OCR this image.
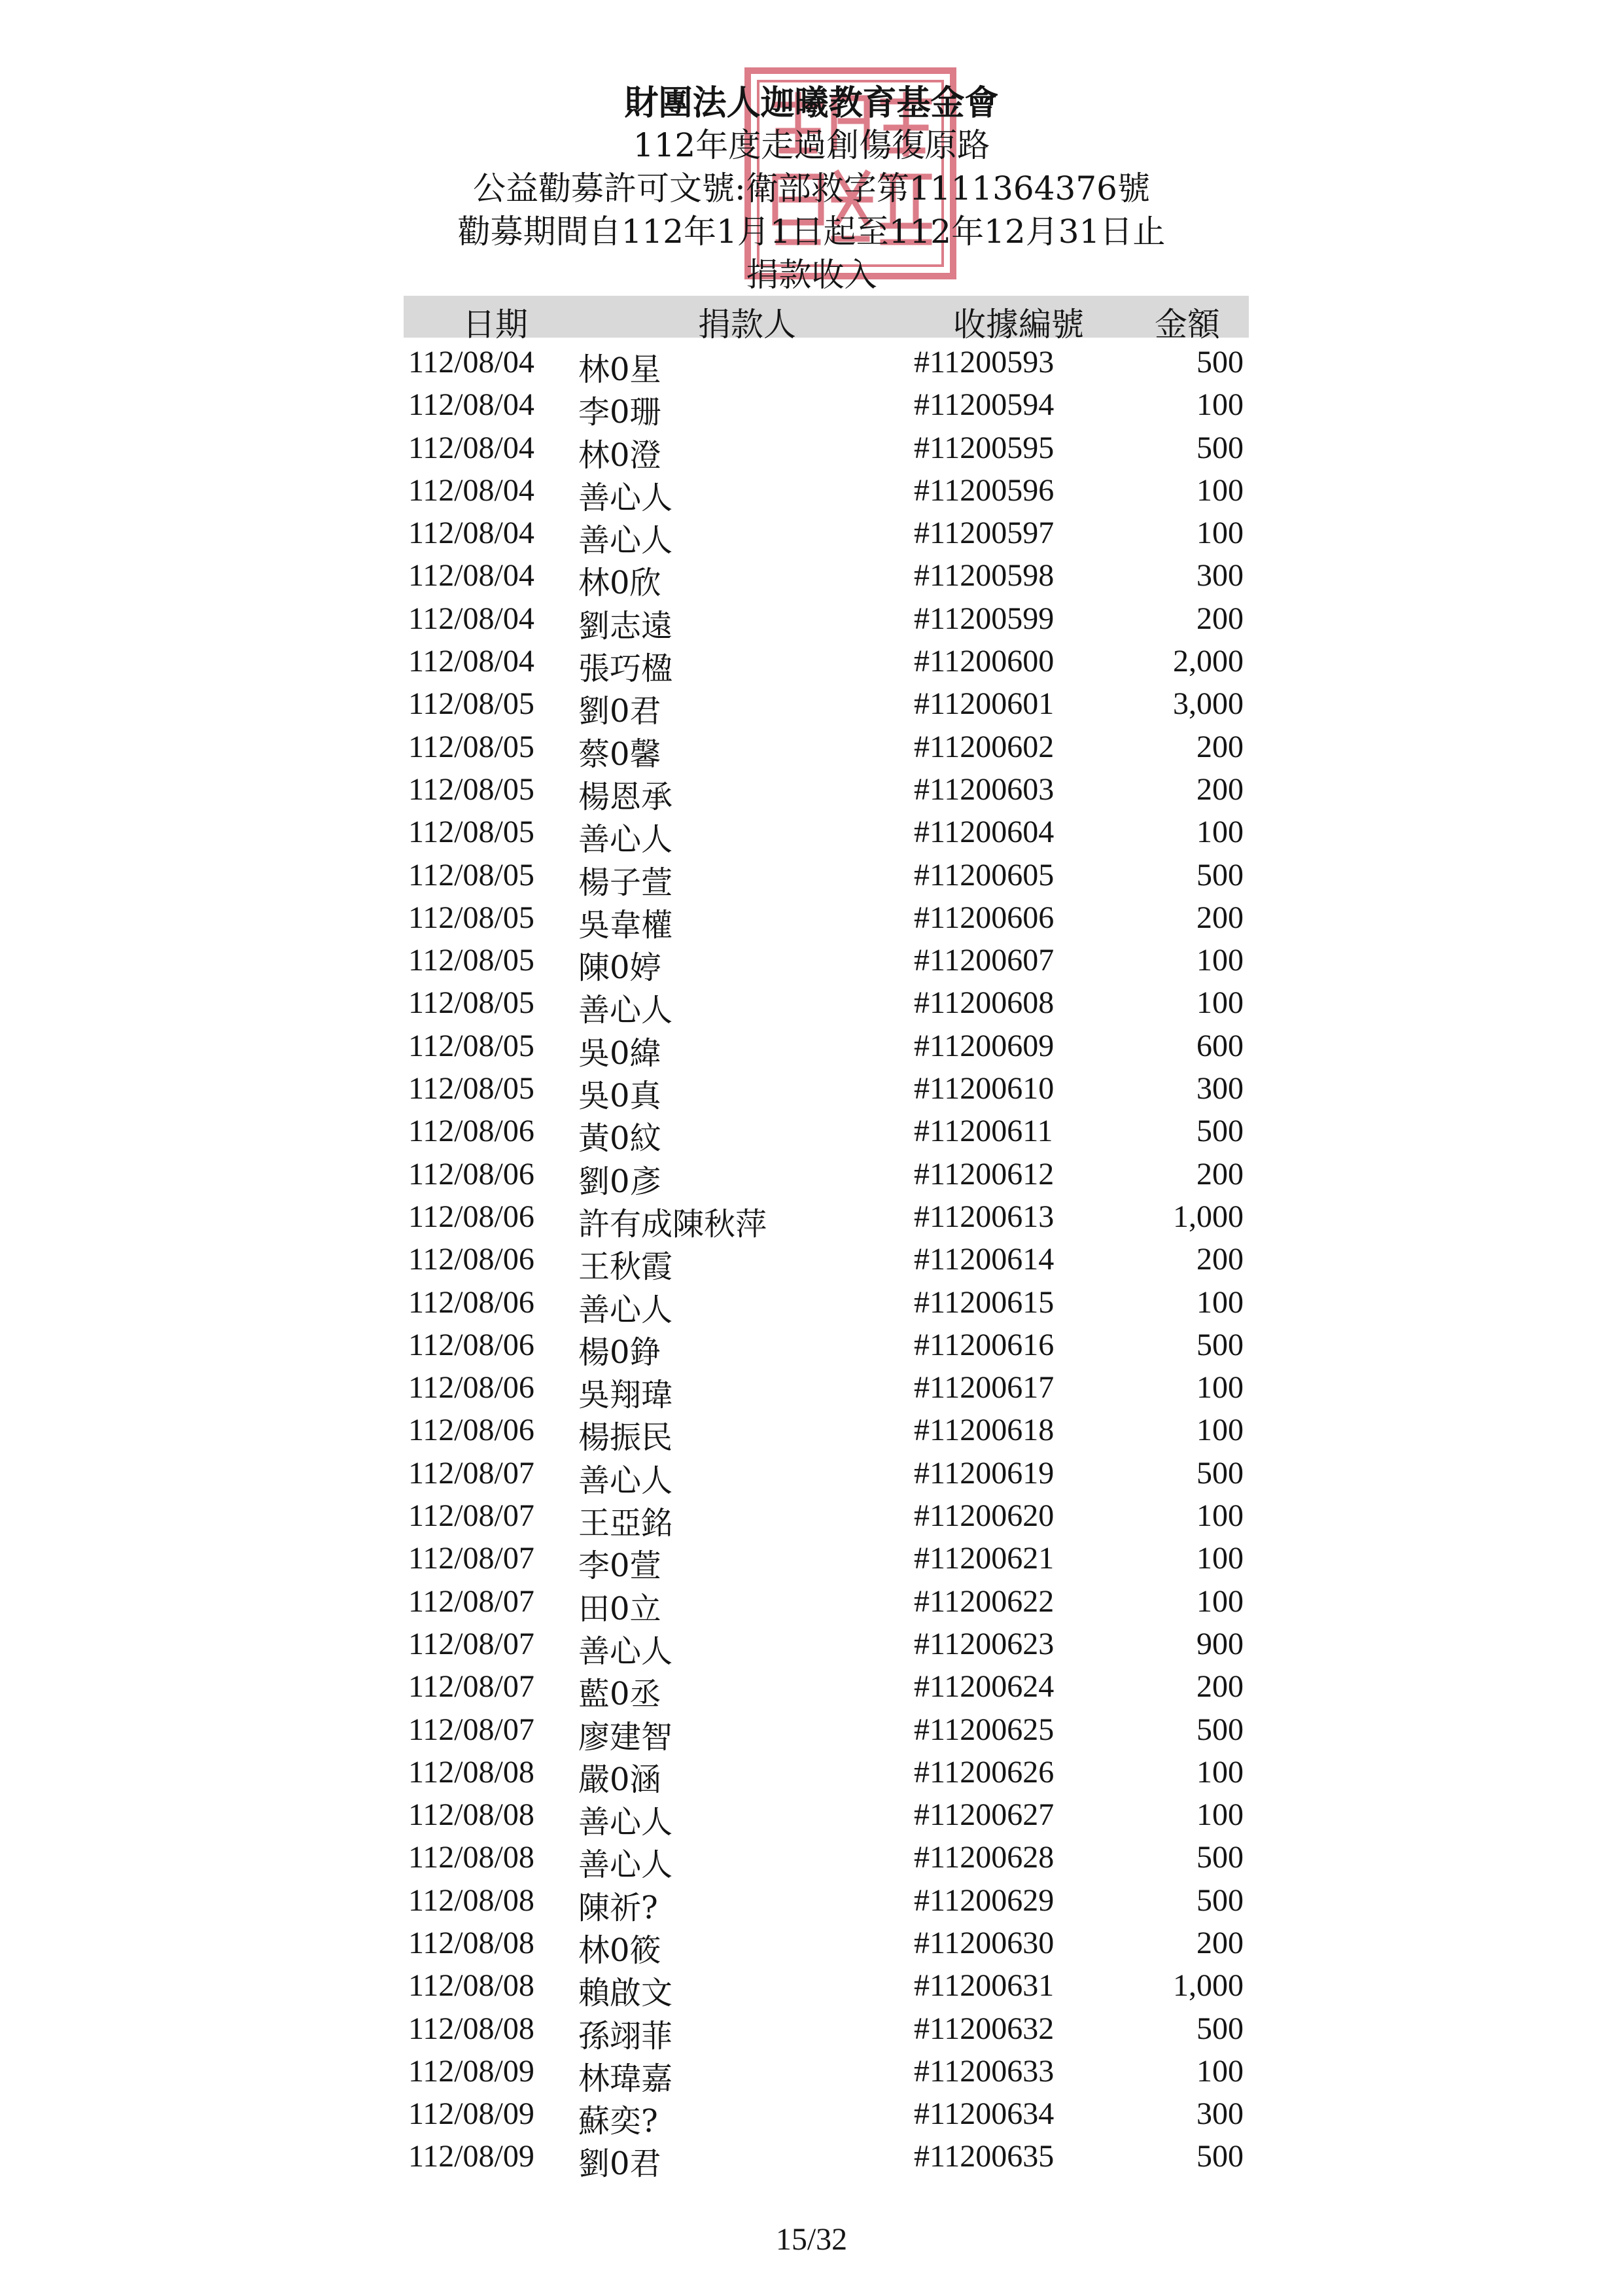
財團法人迦曦教育基金會
112年度走過創傷復原路
公益勸募許可文號:衛部救字第1111364376號
勸募期間自112年1月1日起至112年12月31日止
捐款收入
日期	捐款人	收據編號 金額
112/08/04 林0星	#11200593	500
112/08/04 李0珊	#11200594	100
112/08/04 林0澄	#11200595	500
112/08/04 善心人	#11200596	100
112/08/04 善心人	#11200597	100
112/08/04 林0欣	#11200598	300
112/08/04 劉志遠	#11200599	200
112/08/04 張巧楹	#11200600	2,000
112/08/05 劉0君	#11200601	3,000
112/08/05 蔡0馨	#11200602	200
112/08/05 楊恩承	#11200603	200
112/08/05 善心人	#11200604	100
112/08/05 楊子萱	#11200605	500
112/08/05 吳韋權	#11200606	200
112/08/05 陳0婷	#11200607	100
112/08/05 善心人	#11200608	100
112/08/05 吳0緯	#11200609	600
112/08/05 吳0真	#11200610	300
112/08/06 黃0紋	#11200611	500
112/08/06 劉0彥	#11200612	200
112/08/06 許有成陳秋萍	#11200613	1,000
112/08/06 王秋霞	#11200614	200
112/08/06 善心人	#11200615	100
112/08/06 楊0錚	#11200616	500
112/08/06 吳翔瑋	#11200617	100
112/08/06 楊振民	#11200618	100
112/08/07 善心人	#11200619	500
112/08/07 王亞銘	#11200620	100
112/08/07 李0萱	#11200621	100
112/08/07 田0立	#11200622	100
112/08/07 善心人	#11200623	900
112/08/07 藍0丞	#11200624	200
112/08/07 廖建智	#11200625	500
112/08/08 嚴0涵	#11200626	100
112/08/08 善心人	#11200627	100
112/08/08 善心人	#11200628	500
112/08/08 陳祈?	#11200629	500
112/08/08 林0筱	#11200630	200
112/08/08 賴啟文	#11200631	1,000
112/08/08 孫翊菲	#11200632	500
112/08/09 林瑋嘉	#11200633	100
112/08/09 蘇奕?	#11200634	300
112/08/09 劉0君	#11200635	500
15/32
